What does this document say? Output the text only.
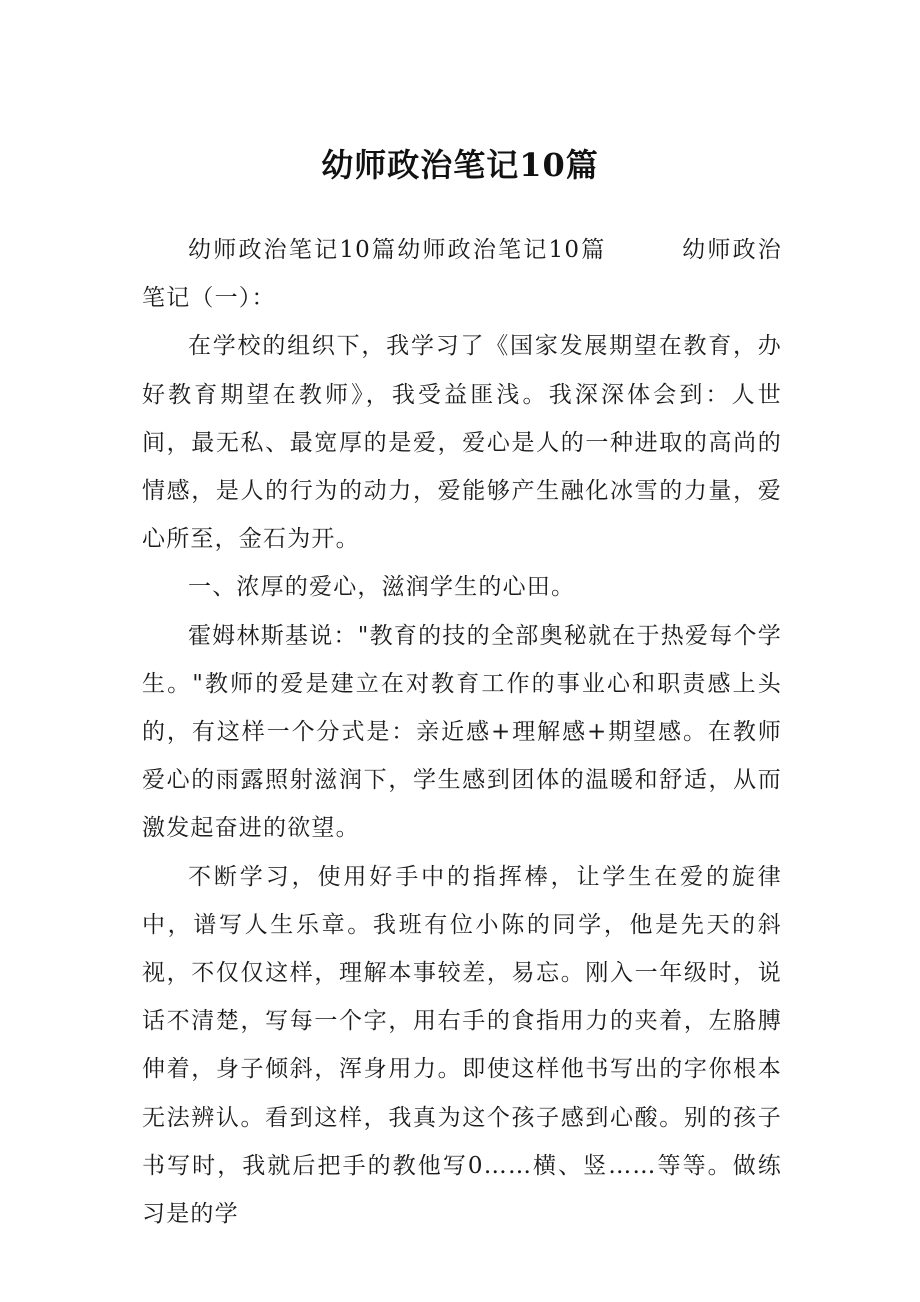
幼师政治笔记10篇

幼师政治笔记10篇幼师政治笔记10篇　　　幼师政治笔记（一）：

在学校的组织下，我学习了《国家发展期望在教育，办好教育期望在教师》，我受益匪浅。我深深体会到：人世间，最无私、最宽厚的是爱，爱心是人的一种进取的高尚的情感，是人的行为的动力，爱能够产生融化冰雪的力量，爱心所至，金石为开。

一、浓厚的爱心，滋润学生的心田。

霍姆林斯基说："教育的技的全部奥秘就在于热爱每个学生。"教师的爱是建立在对教育工作的事业心和职责感上头的，有这样一个分式是：亲近感+理解感+期望感。在教师爱心的雨露照射滋润下，学生感到团体的温暖和舒适，从而激发起奋进的欲望。

不断学习，使用好手中的指挥棒，让学生在爱的旋律中，谱写人生乐章。我班有位小陈的同学，他是先天的斜视，不仅仅这样，理解本事较差，易忘。刚入一年级时，说话不清楚，写每一个字，用右手的食指用力的夹着，左胳膊伸着，身子倾斜，浑身用力。即使这样他书写出的字你根本无法辨认。看到这样，我真为这个孩子感到心酸。别的孩子书写时，我就后把手的教他写0……横、竖……等等。做练习是的学
